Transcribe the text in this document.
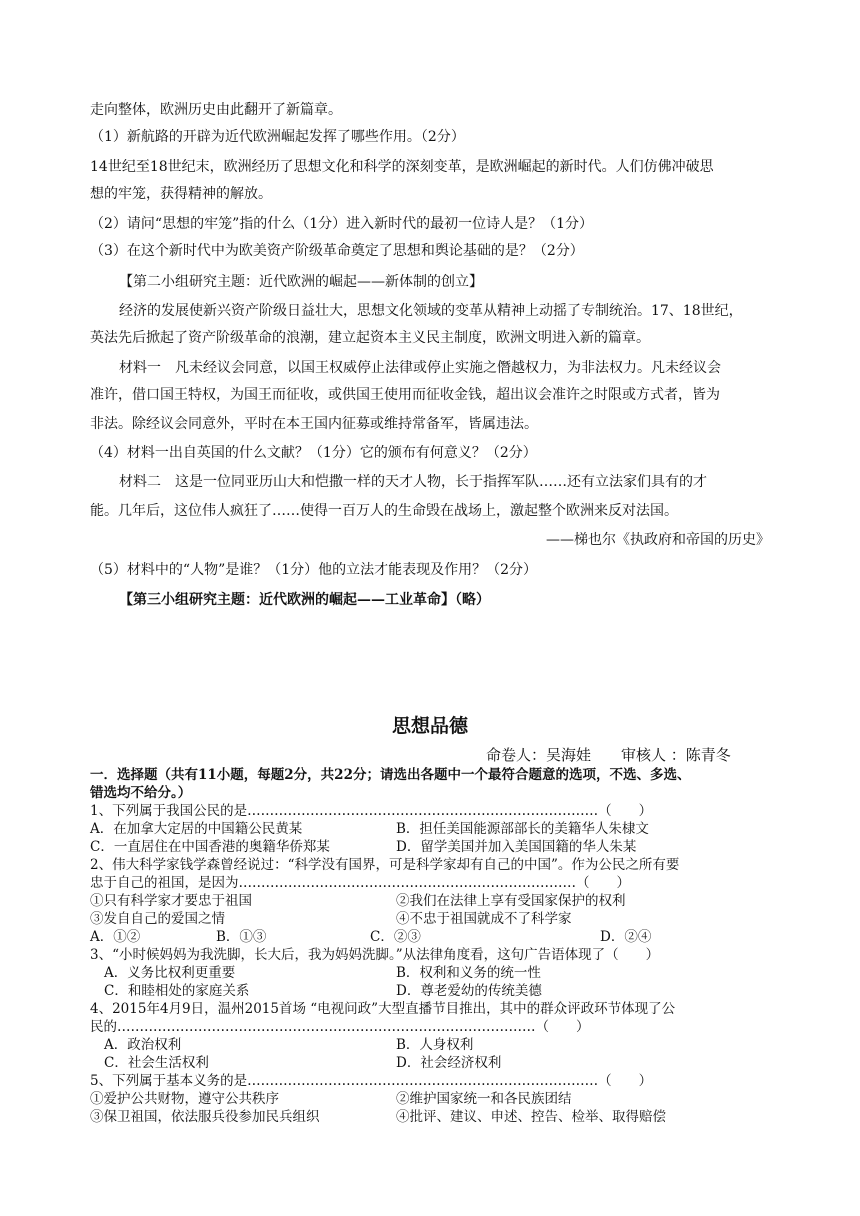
走向整体，欧洲历史由此翻开了新篇章。
（1）新航路的开辟为近代欧洲崛起发挥了哪些作用。（2分）
14世纪至18世纪末，欧洲经历了思想文化和科学的深刻变革，是欧洲崛起的新时代。人们仿佛冲破思
想的牢笼，获得精神的解放。
（2）请问“思想的牢笼”指的什么（1分）进入新时代的最初一位诗人是？（1分）
（3）在这个新时代中为欧美资产阶级革命奠定了思想和舆论基础的是？（2分）
【第二小组研究主题：近代欧洲的崛起——新体制的创立】
经济的发展使新兴资产阶级日益壮大，思想文化领域的变革从精神上动摇了专制统治。17、18世纪，
英法先后掀起了资产阶级革命的浪潮，建立起资本主义民主制度，欧洲文明进入新的篇章。
材料一　凡未经议会同意，以国王权威停止法律或停止实施之僭越权力，为非法权力。凡未经议会
准许，借口国王特权，为国王而征收，或供国王使用而征收金钱，超出议会准许之时限或方式者，皆为
非法。除经议会同意外，平时在本王国内征募或维持常备军，皆属违法。
（4）材料一出自英国的什么文献？（1分）它的颁布有何意义？（2分）
材料二　这是一位同亚历山大和恺撒一样的天才人物，长于指挥军队……还有立法家们具有的才
能。几年后，这位伟人疯狂了……使得一百万人的生命毁在战场上，激起整个欧洲来反对法国。
——梯也尔《执政府和帝国的历史》
（5）材料中的“人物”是谁？（1分）他的立法才能表现及作用？（2分）
【第三小组研究主题：近代欧洲的崛起——工业革命】（略）
思想品德
命卷人：吴海娃　　审核人 ：陈青冬
一．选择题（共有11小题，每题2分，共22分；请选出各题中一个最符合题意的选项，不选、多选、
错选均不给分。）
1、下列属于我国公民的是……………………………………………………………………（　　）
A．在加拿大定居的中国籍公民黄某	B．担任美国能源部部长的美籍华人朱棣文
C．一直居住在中国香港的奥籍华侨郑某	D．留学美国并加入美国国籍的华人朱某
2、伟大科学家钱学森曾经说过：“科学没有国界，可是科学家却有自己的中国”。作为公民之所有要
忠于自己的祖国，是因为…………………………………………………………………（　　）
①只有科学家才要忠于祖国	②我们在法律上享有受国家保护的权利
③发自自己的爱国之情	④不忠于祖国就成不了科学家
A．①②	B．①③	C．②③	D．②④
3、“小时候妈妈为我洗脚，长大后，我为妈妈洗脚。”从法律角度看，这句广告语体现了（　　）
A．义务比权利更重要	B．权利和义务的统一性
C．和睦相处的家庭关系	D．尊老爱幼的传统美德
4、2015年4月9日，温州2015首场 “电视问政”大型直播节目推出，其中的群众评政环节体现了公
民的…………………………………………………………………………………（　　）
A．政治权利	B．人身权利
C．社会生活权利	D．社会经济权利
5、下列属于基本义务的是……………………………………………………………………（　　）
①爱护公共财物，遵守公共秩序	②维护国家统一和各民族团结
③保卫祖国，依法服兵役参加民兵组织	④批评、建议、申述、控告、检举、取得赔偿
